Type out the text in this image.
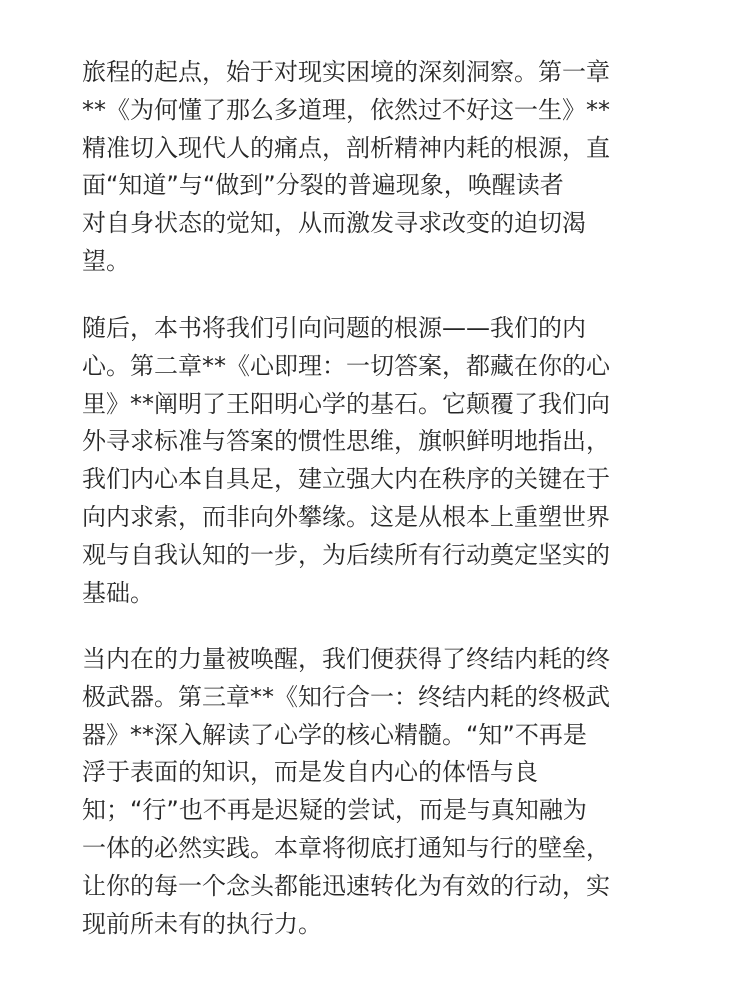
旅程的起点，始于对现实困境的深刻洞察。第一章
**《为何懂了那么多道理，依然过不好这一生》**
精准切入现代人的痛点，剖析精神内耗的根源，直
面“知道”与“做到”分裂的普遍现象，唤醒读者
对自身状态的觉知，从而激发寻求改变的迫切渴
望。

随后，本书将我们引向问题的根源——我们的内
心。第二章**《心即理：一切答案，都藏在你的心
里》**阐明了王阳明心学的基石。它颠覆了我们向
外寻求标准与答案的惯性思维，旗帜鲜明地指出，
我们内心本自具足，建立强大内在秩序的关键在于
向内求索，而非向外攀缘。这是从根本上重塑世界
观与自我认知的一步，为后续所有行动奠定坚实的
基础。

当内在的力量被唤醒，我们便获得了终结内耗的终
极武器。第三章**《知行合一：终结内耗的终极武
器》**深入解读了心学的核心精髓。“知”不再是
浮于表面的知识，而是发自内心的体悟与良
知；“行”也不再是迟疑的尝试，而是与真知融为
一体的必然实践。本章将彻底打通知与行的壁垒，
让你的每一个念头都能迅速转化为有效的行动，实
现前所未有的执行力。
